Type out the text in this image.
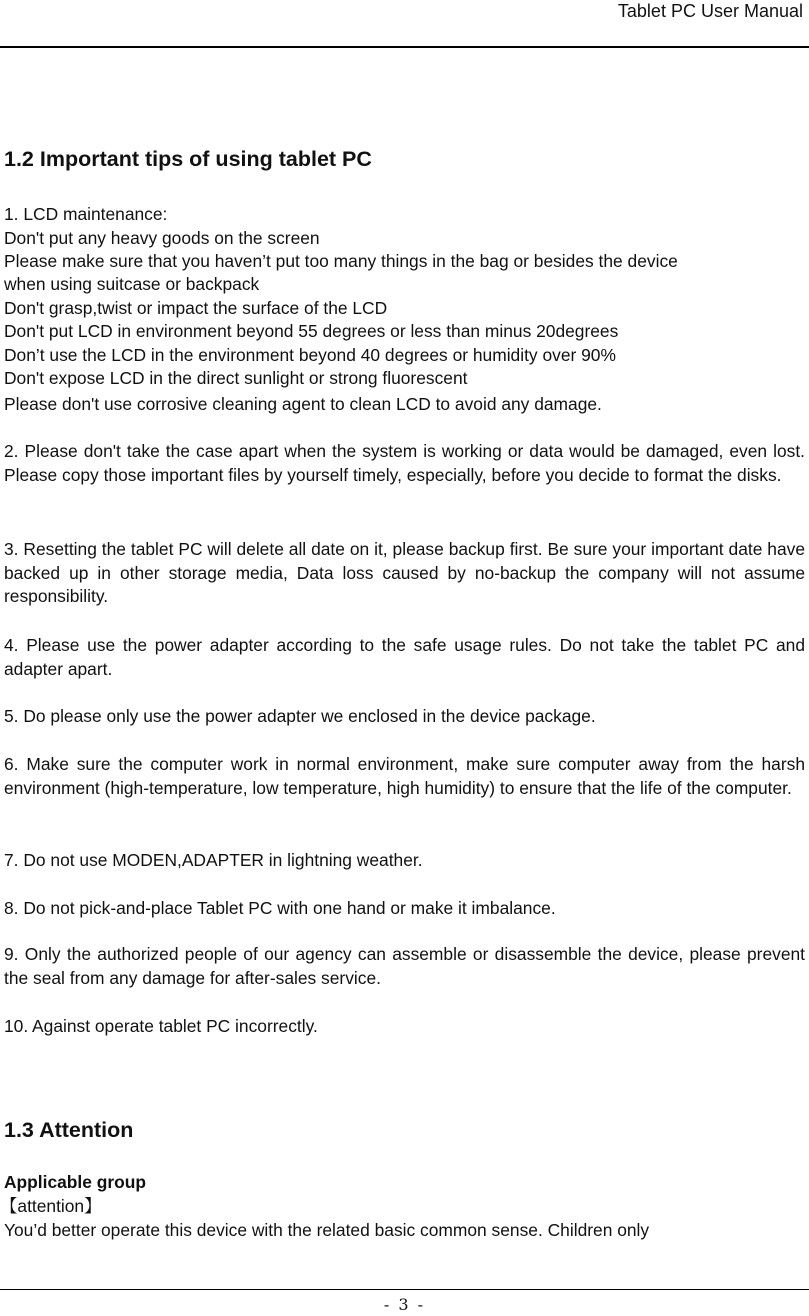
Tablet PC User Manual
1.2 Important tips of using tablet PC

1. LCD maintenance:

Don't put any heavy goods on the screen

Please make sure that you haven’t put too many things in the bag or besides the device

when using suitcase or backpack

Don't grasp,twist or impact the surface of the LCD

Don't put LCD in environment beyond 55 degrees or less than minus 20degrees

Don’t use the LCD in the environment beyond 40 degrees or humidity over 90%

Don't expose LCD in the direct sunlight or strong fluorescent

Please don't use corrosive cleaning agent to clean LCD to avoid any damage.

2. Please don't take the case apart when the system is working or data would be damaged, even lost. Please copy those important files by yourself timely, especially, before you decide to format the disks.

3. Resetting the tablet PC will delete all date on it, please backup first. Be sure your important date have backed up in other storage media, Data loss caused by no-backup the company will not assume responsibility.

4. Please use the power adapter according to the safe usage rules. Do not take the tablet PC and adapter apart.

5. Do please only use the power adapter we enclosed in the device package.

6. Make sure the computer work in normal environment, make sure computer away from the harsh environment (high-temperature, low temperature, high humidity) to ensure that the life of the computer.

7. Do not use MODEN,ADAPTER in lightning weather.

8. Do not pick-and-place Tablet PC with one hand or make it imbalance.

9. Only the authorized people of our agency can assemble or disassemble the device, please prevent the seal from any damage for after-sales service.

10. Against operate tablet PC incorrectly.

1.3 Attention

Applicable group

【attention】

You’d better operate this device with the related basic common sense. Children only

- 3 -
